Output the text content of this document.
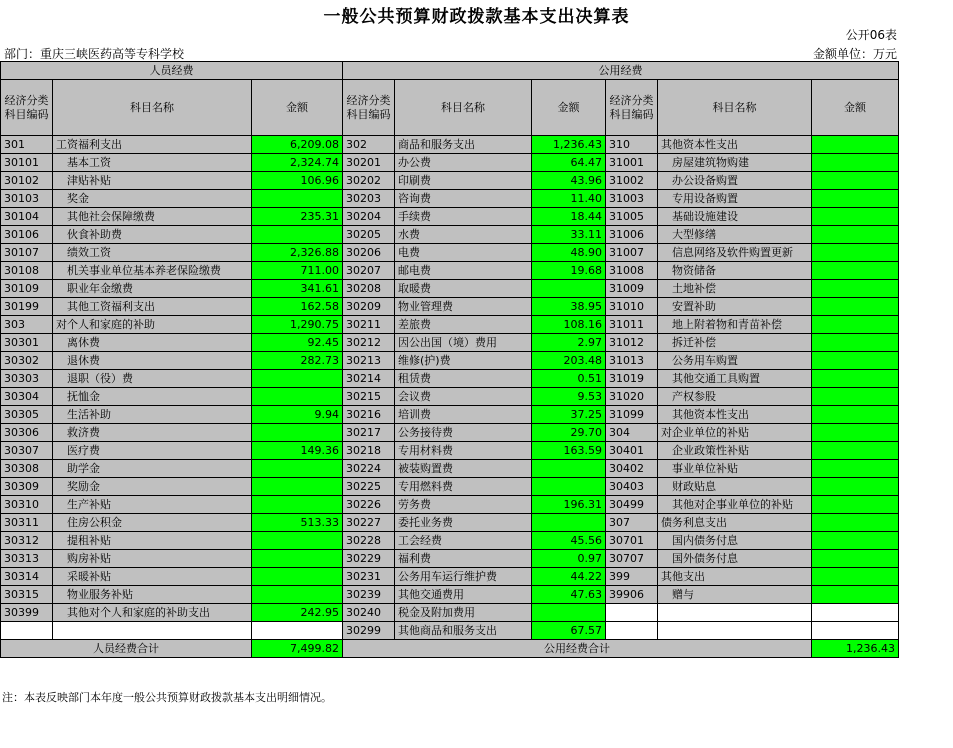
一般公共预算财政拨款基本支出决算表
公开06表
部门：重庆三峡医药高等专科学校	金额单位：万元
人员经费			公用经费					
经济分类科目编码	科目名称	金额	经济分类科目编码	科目名称	金额	经济分类科目编码	科目名称	金额
301	工资福利支出	6,209.08	302	商品和服务支出	1,236.43	310	其他资本性支出	
30101	基本工资	2,324.74	30201	办公费	64.47	31001	房屋建筑物购建	
30102	津贴补贴	106.96	30202	印刷费	43.96	31002	办公设备购置	
30103	奖金		30203	咨询费	11.40	31003	专用设备购置	
30104	其他社会保障缴费	235.31	30204	手续费	18.44	31005	基础设施建设	
30106	伙食补助费		30205	水费	33.11	31006	大型修缮	
30107	绩效工资	2,326.88	30206	电费	48.90	31007	信息网络及软件购置更新	
30108	机关事业单位基本养老保险缴费	711.00	30207	邮电费	19.68	31008	物资储备	
30109	职业年金缴费	341.61	30208	取暖费		31009	土地补偿	
30199	其他工资福利支出	162.58	30209	物业管理费	38.95	31010	安置补助	
303	对个人和家庭的补助	1,290.75	30211	差旅费	108.16	31011	地上附着物和青苗补偿	
30301	离休费	92.45	30212	因公出国（境）费用	2.97	31012	拆迁补偿	
30302	退休费	282.73	30213	维修(护)费	203.48	31013	公务用车购置	
30303	退职（役）费		30214	租赁费	0.51	31019	其他交通工具购置	
30304	抚恤金		30215	会议费	9.53	31020	产权参股	
30305	生活补助	9.94	30216	培训费	37.25	31099	其他资本性支出	
30306	救济费		30217	公务接待费	29.70	304	对企业单位的补贴	
30307	医疗费	149.36	30218	专用材料费	163.59	30401	企业政策性补贴	
30308	助学金		30224	被装购置费		30402	事业单位补贴	
30309	奖励金		30225	专用燃料费		30403	财政贴息	
30310	生产补贴		30226	劳务费	196.31	30499	其他对企事业单位的补贴	
30311	住房公积金	513.33	30227	委托业务费		307	债务利息支出	
30312	提租补贴		30228	工会经费	45.56	30701	国内债务付息	
30313	购房补贴		30229	福利费	0.97	30707	国外债务付息	
30314	采暖补贴		30231	公务用车运行维护费	44.22	399	其他支出	
30315	物业服务补贴		30239	其他交通费用	47.63	39906	赠与	
30399	其他对个人和家庭的补助支出	242.95	30240	税金及附加费用				
			30299	其他商品和服务支出	67.57			
人员经费合计		7,499.82	公用经费合计					1,236.43
注：本表反映部门本年度一般公共预算财政拨款基本支出明细情况。
